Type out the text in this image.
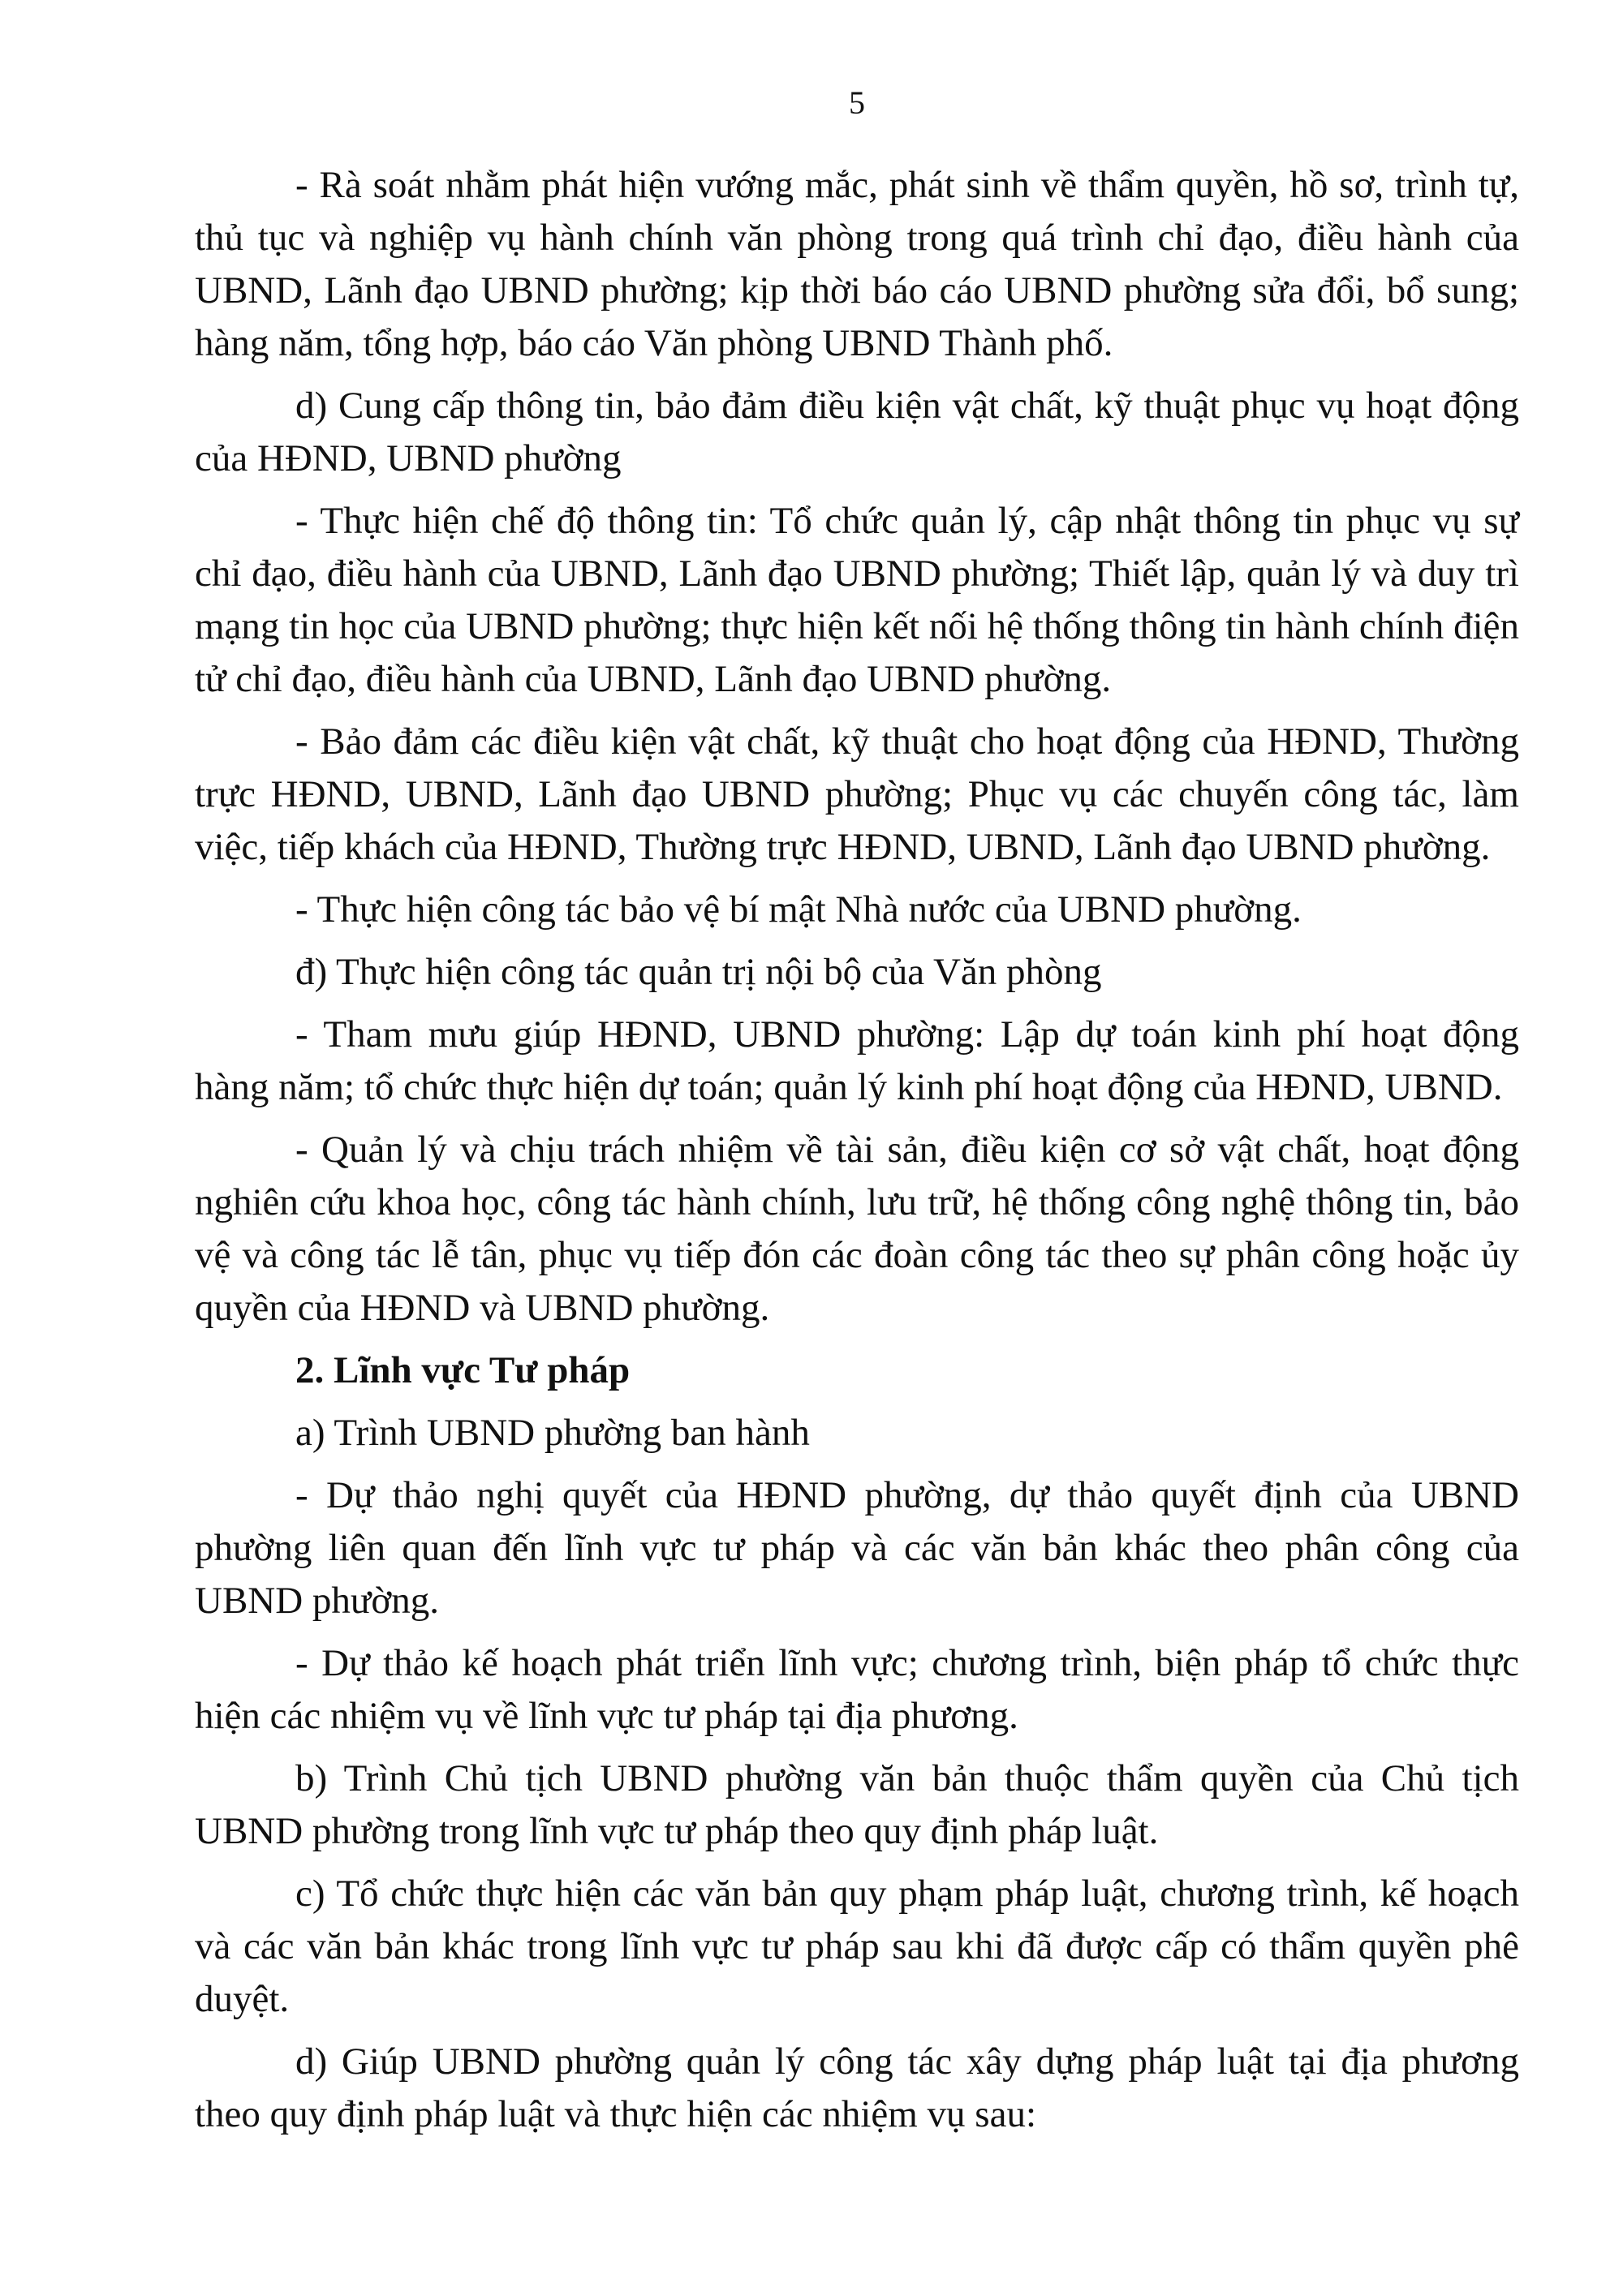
5

- Rà soát nhằm phát hiện vướng mắc, phát sinh về thẩm quyền, hồ sơ, trình tự, thủ tục và nghiệp vụ hành chính văn phòng trong quá trình chỉ đạo, điều hành của UBND, Lãnh đạo UBND phường; kịp thời báo cáo UBND phường sửa đổi, bổ sung; hàng năm, tổng hợp, báo cáo Văn phòng UBND Thành phố.

d) Cung cấp thông tin, bảo đảm điều kiện vật chất, kỹ thuật phục vụ hoạt động của HĐND, UBND phường

- Thực hiện chế độ thông tin: Tổ chức quản lý, cập nhật thông tin phục vụ sự chỉ đạo, điều hành của UBND, Lãnh đạo UBND phường; Thiết lập, quản lý và duy trì mạng tin học của UBND phường; thực hiện kết nối hệ thống thông tin hành chính điện tử chỉ đạo, điều hành của UBND, Lãnh đạo UBND phường.

- Bảo đảm các điều kiện vật chất, kỹ thuật cho hoạt động của HĐND, Thường trực HĐND, UBND, Lãnh đạo UBND phường; Phục vụ các chuyến công tác, làm việc, tiếp khách của HĐND, Thường trực HĐND, UBND, Lãnh đạo UBND phường.

- Thực hiện công tác bảo vệ bí mật Nhà nước của UBND phường.

đ) Thực hiện công tác quản trị nội bộ của Văn phòng

- Tham mưu giúp HĐND, UBND phường: Lập dự toán kinh phí hoạt động hàng năm; tổ chức thực hiện dự toán; quản lý kinh phí hoạt động của HĐND, UBND.

- Quản lý và chịu trách nhiệm về tài sản, điều kiện cơ sở vật chất, hoạt động nghiên cứu khoa học, công tác hành chính, lưu trữ, hệ thống công nghệ thông tin, bảo vệ và công tác lễ tân, phục vụ tiếp đón các đoàn công tác theo sự phân công hoặc ủy quyền của HĐND và UBND phường.

2. Lĩnh vực Tư pháp

a) Trình UBND phường ban hành

- Dự thảo nghị quyết của HĐND phường, dự thảo quyết định của UBND phường liên quan đến lĩnh vực tư pháp và các văn bản khác theo phân công của UBND phường.

- Dự thảo kế hoạch phát triển lĩnh vực; chương trình, biện pháp tổ chức thực hiện các nhiệm vụ về lĩnh vực tư pháp tại địa phương.

b) Trình Chủ tịch UBND phường văn bản thuộc thẩm quyền của Chủ tịch UBND phường trong lĩnh vực tư pháp theo quy định pháp luật.

c) Tổ chức thực hiện các văn bản quy phạm pháp luật, chương trình, kế hoạch và các văn bản khác trong lĩnh vực tư pháp sau khi đã được cấp có thẩm quyền phê duyệt.

d) Giúp UBND phường quản lý công tác xây dựng pháp luật tại địa phương theo quy định pháp luật và thực hiện các nhiệm vụ sau:
